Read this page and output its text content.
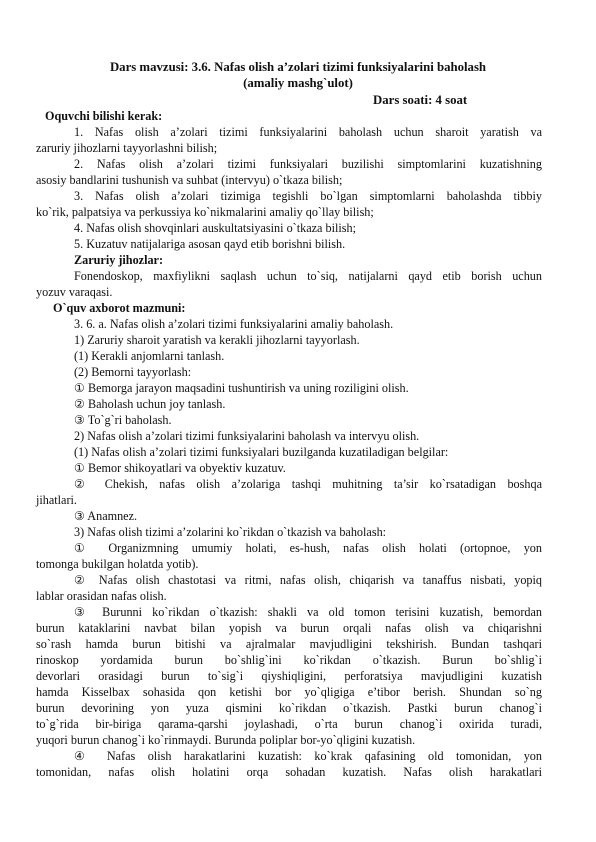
Dars mavzusi: 3.6. Nafas olish a’zolari tizimi funksiyalarini baholash
(amaliy mashg`ulot)
Dars soati: 4 soat
Oquvchi bilishi kerak:
1. Nafas olish a’zolari tizimi funksiyalarini baholash uchun sharoit yaratish va
zaruriy jihozlarni tayyorlashni bilish;
2. Nafas olish a’zolari tizimi funksiyalari buzilishi simptomlarini kuzatishning
asosiy bandlarini tushunish va suhbat (intervyu) o`tkaza bilish;
3. Nafas olish a’zolari tizimiga tegishli bo`lgan simptomlarni baholashda tibbiy
ko`rik, palpatsiya va perkussiya ko`nikmalarini amaliy qo`llay bilish;
4. Nafas olish shovqinlari auskultatsiyasini o`tkaza bilish;
5. Kuzatuv natijalariga asosan qayd etib borishni bilish.
Zaruriy jihozlar:
Fonendoskop, maxfiylikni saqlash uchun to`siq, natijalarni qayd etib borish uchun
yozuv varaqasi.
O`quv axborot mazmuni:
3. 6. a. Nafas olish a’zolari tizimi funksiyalarini amaliy baholash.
1) Zaruriy sharoit yaratish va kerakli jihozlarni tayyorlash.
(1) Kerakli anjomlarni tanlash.
(2) Bemorni tayyorlash:
① Bemorga jarayon maqsadini tushuntirish va uning roziligini olish.
② Baholash uchun joy tanlash.
③ To`g`ri baholash.
2) Nafas olish a’zolari tizimi funksiyalarini baholash va intervyu olish.
(1) Nafas olish a’zolari tizimi funksiyalari buzilganda kuzatiladigan belgilar:
① Bemor shikoyatlari va obyektiv kuzatuv.
② Chekish, nafas olish a’zolariga tashqi muhitning ta’sir ko`rsatadigan boshqa
jihatlari.
③ Anamnez.
3) Nafas olish tizimi a’zolarini ko`rikdan o`tkazish va baholash:
① Organizmning umumiy holati, es-hush, nafas olish holati (ortopnoe, yon
tomonga bukilgan holatda yotib).
② Nafas olish chastotasi va ritmi, nafas olish, chiqarish va tanaffus nisbati, yopiq
lablar orasidan nafas olish.
③ Burunni ko`rikdan o`tkazish: shakli va old tomon terisini kuzatish, bemordan
burun kataklarini navbat bilan yopish va burun orqali nafas olish va chiqarishni
so`rash hamda burun bitishi va ajralmalar mavjudligini tekshirish. Bundan tashqari
rinoskop yordamida burun bo`shlig`ini ko`rikdan o`tkazish. Burun bo`shlig`i
devorlari orasidagi burun to`sig`i qiyshiqligini, perforatsiya mavjudligini kuzatish
hamda Kisselbax sohasida qon ketishi bor yo`qligiga e’tibor berish. Shundan so`ng
burun devorining yon yuza qismini ko`rikdan o`tkazish. Pastki burun chanog`i
to`g`rida bir-biriga qarama-qarshi joylashadi, o`rta burun chanog`i oxirida turadi,
yuqori burun chanog`i ko`rinmaydi. Burunda poliplar bor-yo`qligini kuzatish.
④ Nafas olish harakatlarini kuzatish: ko`krak qafasining old tomonidan, yon
tomonidan, nafas olish holatini orqa sohadan kuzatish. Nafas olish harakatlari
